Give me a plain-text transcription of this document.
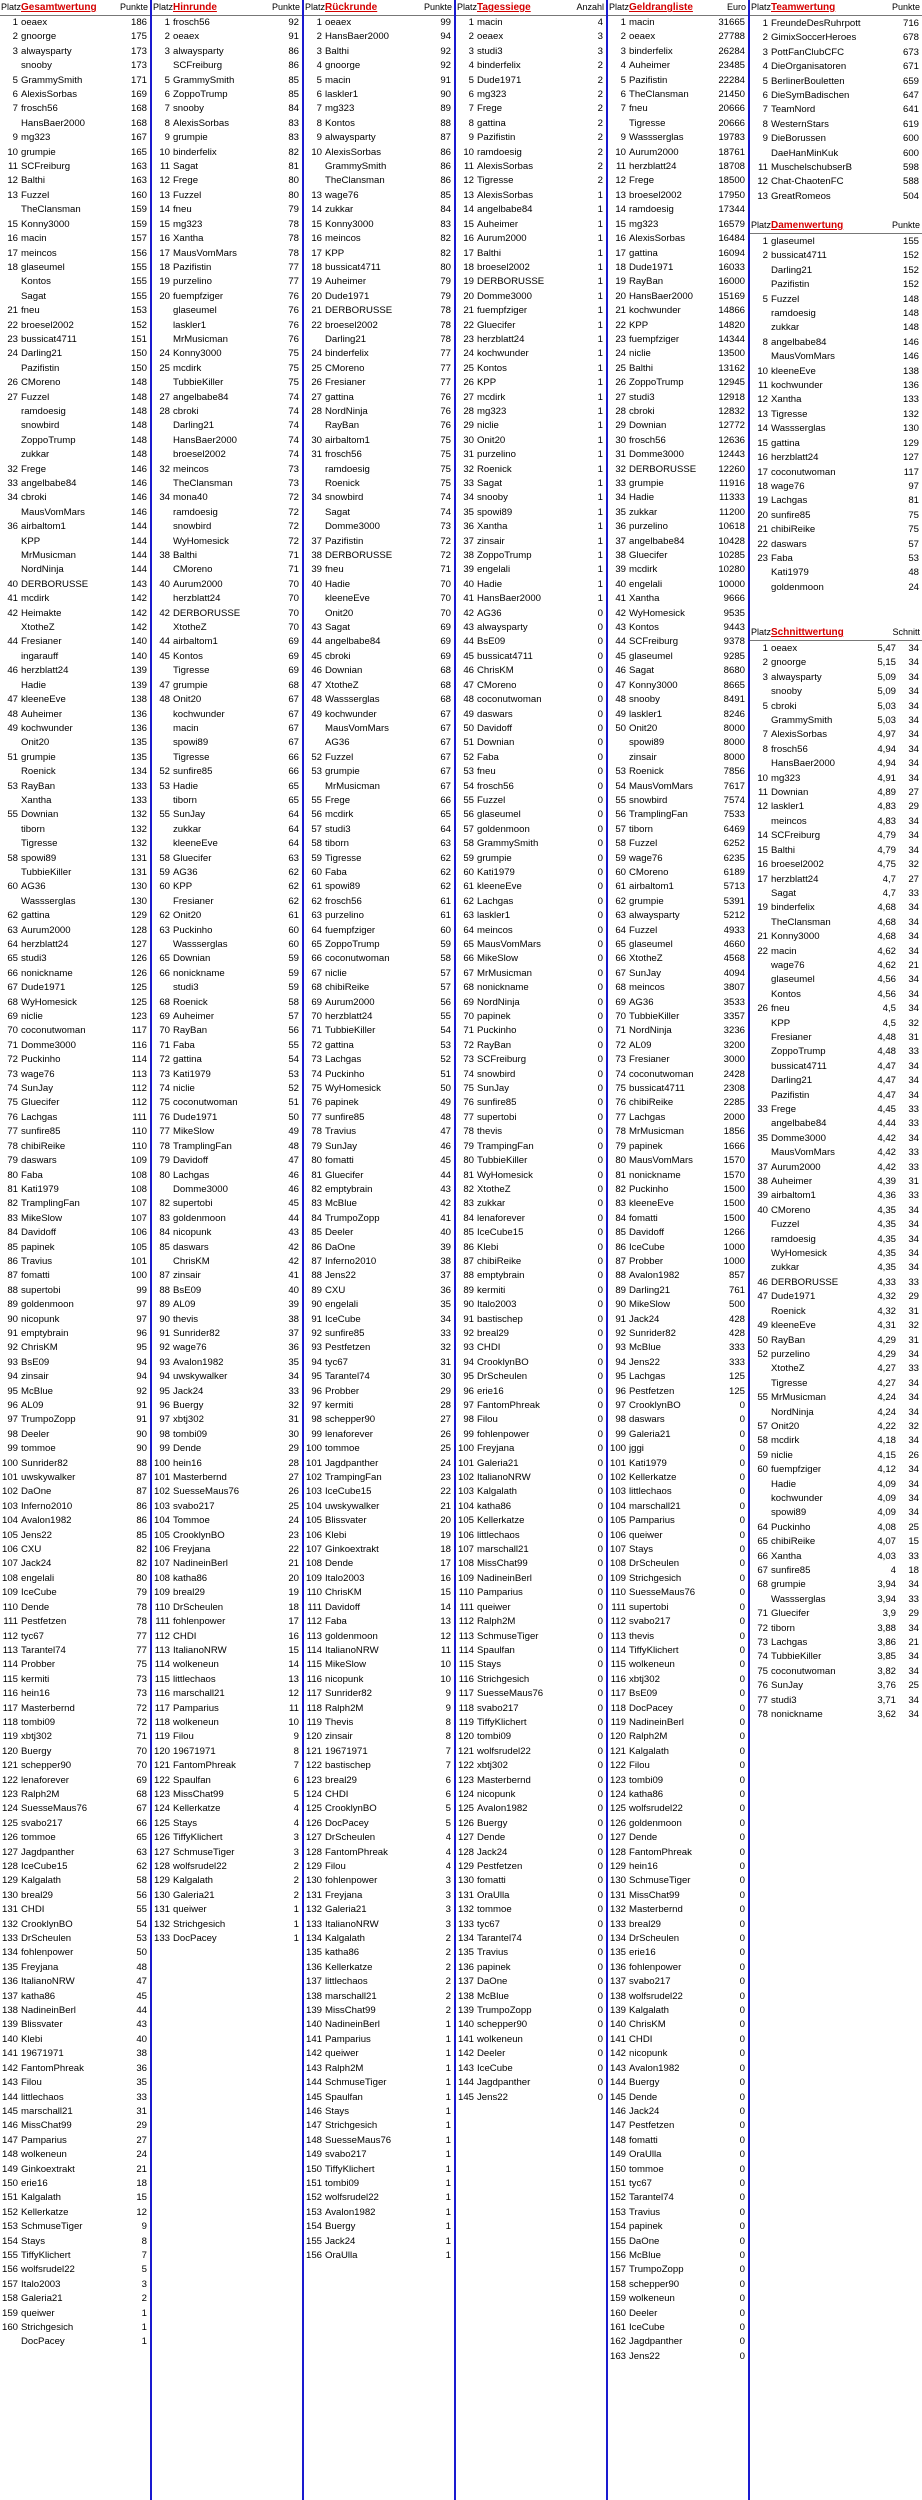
Platz Gesamtwertung	Punkte
1 oeaex	186
2 gnoorge	175
3 alwaysparty	173
snooby	173
5 GrammySmith	171
6 AlexisSorbas	169
7 frosch56	168
HansBaer2000	168
9 mg323	167
10 grumpie	165
11 SCFreiburg	163
12 Balthi	163
13 Fuzzel	160
TheClansman	159
15 Konny3000	159
16 macin	157
17 meincos	156
18 glaseumel	155
Kontos	155
Sagat	155
21 fneu	153
22 broesel2002	152
23 bussicat4711	151
24 Darling21	150
Pazifistin	150
26 CMoreno	148
27 Fuzzel	148
ramdoesig	148
snowbird	148
ZoppoTrump	148
zukkar	148
32 Frege	146
33 angelbabe84	146
34 cbroki	146
MausVomMars	146
36 airbaltom1	144
KPP	144
MrMusicman	144
NordNinja	144
40 DERBORUSSE	143
41 mcdirk	142
42 Heimakte	142
XtotheZ	142
44 Fresianer	140
ingarauff	140
46 herzblatt24	139
Hadie	139
47 kleeneEve	138
48 Auheimer	136
49 kochwunder	136
Onit20	135
51 grumpie	135
Roenick	134
53 RayBan	133
Xantha	133
55 Downian	132
tiborn	132
Tigresse	132
58 spowi89	131
TubbieKiller	131
60 AG36	130
Wassserglas	130
62 gattina	129
63 Aurum2000	128
64 herzblatt24	127
65 studi3	126
66 nonickname	126
67 Dude1971	125
68 WyHomesick	125
69 niclie	123
70 coconutwoman	117
71 Domme3000	116
72 Puckinho	114
73 wage76	113
74 SunJay	112
75 Gluecifer	112
76 Lachgas	111
77 sunfire85	110
78 chibiReike	110
79 daswars	109
80 Faba	108
81 Kati1979	108
82 TramplingFan	107
83 MikeSlow	107
84 Davidoff	106
85 papinek	105
86 Travius	101
87 fomatti	100
88 supertobi	99
89 goldenmoon	97
90 nicopunk	97
91 emptybrain	96
92 ChrisKM	95
93 BsE09	94
94 zinsair	94
95 McBlue	92
96 AL09	91
97 TrumpoZopp	91
98 Deeler	90
99 tommoe	90
100 Sunrider82	88
101 uwskywalker	87
102 DaOne	87
103 Inferno2010	86
104 Avalon1982	86
105 Jens22	85
106 CXU	82
107 Jack24	82
108 engelali	80
109 IceCube	79
110 Dende	78
111 Pestfetzen	78
112 tyc67	77
113 Tarantel74	77
114 Probber	75
115 kermiti	73
116 hein16	73
117 Masterbernd	72
118 tombi09	72
119 xbtj302	71
120 Buergy	70
121 schepper90	70
122 lenaforever	69
123 Ralph2M	68
124 SuesseMaus76	67
125 svabo217	66
126 tommoe	65
127 Jagdpanther	63
128 IceCube15	62
129 Kalgalath	58
130 breal29	56
131 CHDI	55
132 CrooklynBO	54
133 DrScheulen	53
134 fohlenpower	50
135 Freyjana	48
136 ItalianoNRW	47
137 katha86	45
138 NadineinBerl	44
139 Blissvater	43
140 Klebi	40
141 19671971	38
142 FantomPhreak	36
143 Filou	35
144 littlechaos	33
145 marschall21	31
146 MissChat99	29
147 Pamparius	27
148 wolkeneun	24
149 Ginkoextrakt	21
150 erie16	18
151 Kalgalath	15
152 Kellerkatze	12
153 SchmuseTiger	9
154 Stays	8
155 TiffyKlichert	7
156 wolfsrudel22	5
157 Italo2003	3
158 Galeria21	2
159 queiwer	1
160 Strichgesich	1
DocPacey	1
Platz Hinrunde	Punkte
1 frosch56	92
2 oeaex	91
3 alwaysparty	86
SCFreiburg	86
5 GrammySmith	85
6 ZoppoTrump	85
7 snooby	84
8 AlexisSorbas	83
9 grumpie	83
10 binderfelix	82
11 Sagat	81
12 Frege	80
13 Fuzzel	80
14 fneu	79
15 mg323	78
16 Xantha	78
17 MausVomMars	78
18 Pazifistin	77
19 purzelino	77
20 fuempfziger	76
glaseumel	76
laskler1	76
MrMusicman	76
24 Konny3000	75
25 mcdirk	75
TubbieKiller	75
27 angelbabe84	74
28 cbroki	74
Darling21	74
HansBaer2000	74
broesel2002	74
32 meincos	73
TheClansman	73
34 mona40	72
ramdoesig	72
snowbird	72
WyHomesick	72
38 Balthi	71
CMoreno	71
40 Aurum2000	70
herzblatt24	70
42 DERBORUSSE	70
XtotheZ	70
44 airbaltom1	69
45 Kontos	69
Tigresse	69
47 grumpie	68
48 Onit20	67
kochwunder	67
macin	67
spowi89	67
Tigresse	66
52 sunfire85	66
53 Hadie	65
tiborn	65
55 SunJay	64
zukkar	64
kleeneEve	64
58 Gluecifer	63
59 AG36	62
60 KPP	62
Fresianer	62
62 Onit20	61
63 Puckinho	60
Wassserglas	60
65 Downian	59
66 nonickname	59
studi3	59
68 Roenick	58
69 Auheimer	57
70 RayBan	56
71 Faba	55
72 gattina	54
73 Kati1979	53
74 niclie	52
75 coconutwoman	51
76 Dude1971	50
77 MikeSlow	49
78 TramplingFan	48
79 Davidoff	47
80 Lachgas	46
Domme3000	46
82 supertobi	45
83 goldenmoon	44
84 nicopunk	43
85 daswars	42
ChrisKM	42
87 zinsair	41
88 BsE09	40
89 AL09	39
90 thevis	38
91 Sunrider82	37
92 wage76	36
93 Avalon1982	35
94 uwskywalker	34
95 Jack24	33
96 Buergy	32
97 xbtj302	31
98 tombi09	30
99 Dende	29
100 hein16	28
101 Masterbernd	27
102 SuesseMaus76	26
103 svabo217	25
104 Tommoe	24
105 CrooklynBO	23
106 Freyjana	22
107 NadineinBerl	21
108 katha86	20
109 breal29	19
110 DrScheulen	18
111 fohlenpower	17
112 CHDI	16
113 ItalianoNRW	15
114 wolkeneun	14
115 littlechaos	13
116 marschall21	12
117 Pamparius	11
118 wolkeneun	10
119 Filou	9
120 19671971	8
121 FantomPhreak	7
122 Spaulfan	6
123 MissChat99	5
124 Kellerkatze	4
125 Stays	4
126 TiffyKlichert	3
127 SchmuseTiger	3
128 wolfsrudel22	2
129 Kalgalath	2
130 Galeria21	2
131 queiwer	1
132 Strichgesich	1
133 DocPacey	1
Platz Rückrunde	Punkte
1 oeaex	99
2 HansBaer2000	94
3 Balthi	92
4 gnoorge	92
5 macin	91
6 laskler1	90
7 mg323	89
8 Kontos	88
9 alwaysparty	87
10 AlexisSorbas	86
GrammySmith	86
TheClansman	86
13 wage76	85
14 zukkar	84
15 Konny3000	83
16 meincos	82
17 KPP	82
18 bussicat4711	80
19 Auheimer	79
20 Dude1971	79
21 DERBORUSSE	78
22 broesel2002	78
Darling21	78
24 binderfelix	77
25 CMoreno	77
26 Fresianer	77
27 gattina	76
28 NordNinja	76
RayBan	76
30 airbaltom1	75
31 frosch56	75
ramdoesig	75
Roenick	75
34 snowbird	74
Sagat	74
Domme3000	73
37 Pazifistin	72
38 DERBORUSSE	72
39 fneu	71
40 Hadie	70
kleeneEve	70
Onit20	70
43 Sagat	69
44 angelbabe84	69
45 cbroki	69
46 Downian	68
47 XtotheZ	68
48 Wassserglas	68
49 kochwunder	67
MausVomMars	67
AG36	67
52 Fuzzel	67
53 grumpie	67
MrMusicman	67
55 Frege	66
56 mcdirk	65
57 studi3	64
58 tiborn	63
59 Tigresse	62
60 Faba	62
61 spowi89	62
62 frosch56	61
63 purzelino	61
64 fuempfziger	60
65 ZoppoTrump	59
66 coconutwoman	58
67 niclie	57
68 chibiReike	57
69 Aurum2000	56
70 herzblatt24	55
71 TubbieKiller	54
72 gattina	53
73 Lachgas	52
74 Puckinho	51
75 WyHomesick	50
76 papinek	49
77 sunfire85	48
78 Travius	47
79 SunJay	46
80 fomatti	45
81 Gluecifer	44
82 emptybrain	43
83 McBlue	42
84 TrumpoZopp	41
85 Deeler	40
86 DaOne	39
87 Inferno2010	38
88 Jens22	37
89 CXU	36
90 engelali	35
91 IceCube	34
92 sunfire85	33
93 Pestfetzen	32
94 tyc67	31
95 Tarantel74	30
96 Probber	29
97 kermiti	28
98 schepper90	27
99 lenaforever	26
100 tommoe	25
101 Jagdpanther	24
102 TrampingFan	23
103 IceCube15	22
104 uwskywalker	21
105 Blissvater	20
106 Klebi	19
107 Ginkoextrakt	18
108 Dende	17
109 Italo2003	16
110 ChrisKM	15
111 Davidoff	14
112 Faba	13
113 goldenmoon	12
114 ItalianoNRW	11
115 MikeSlow	10
116 nicopunk	10
117 Sunrider82	9
118 Ralph2M	9
119 Thevis	8
120 zinsair	8
121 19671971	7
122 bastischep	7
123 breal29	6
124 CHDI	6
125 CrooklynBO	5
126 DocPacey	5
127 DrScheulen	4
128 FantomPhreak	4
129 Filou	4
130 fohlenpower	3
131 Freyjana	3
132 Galeria21	3
133 ItalianoNRW	3
134 Kalgalath	2
135 katha86	2
136 Kellerkatze	2
137 littlechaos	2
138 marschall21	2
139 MissChat99	2
140 NadineinBerl	1
141 Pamparius	1
142 queiwer	1
143 Ralph2M	1
144 SchmuseTiger	1
145 Spaulfan	1
146 Stays	1
147 Strichgesich	1
148 SuesseMaus76	1
149 svabo217	1
150 TiffyKlichert	1
151 tombi09	1
152 wolfsrudel22	1
153 Avalon1982	1
154 Buergy	1
155 Jack24	1
156 OraUlla	1
Platz Tagessiege	Anzahl
1 macin	4
2 oeaex	3
3 studi3	3
4 binderfelix	2
5 Dude1971	2
6 mg323	2
7 Frege	2
8 gattina	2
9 Pazifistin	2
10 ramdoesig	2
11 AlexisSorbas	2
12 Tigresse	2
13 AlexisSorbas	1
14 angelbabe84	1
15 Auheimer	1
16 Aurum2000	1
17 Balthi	1
18 broesel2002	1
19 DERBORUSSE	1
20 Domme3000	1
21 fuempfziger	1
22 Gluecifer	1
23 herzblatt24	1
24 kochwunder	1
25 Kontos	1
26 KPP	1
27 mcdirk	1
28 mg323	1
29 niclie	1
30 Onit20	1
31 purzelino	1
32 Roenick	1
33 Sagat	1
34 snooby	1
35 spowi89	1
36 Xantha	1
37 zinsair	1
38 ZoppoTrump	1
39 engelali	1
40 Hadie	1
41 HansBaer2000	1
42 AG36	0
43 alwaysparty	0
44 BsE09	0
45 bussicat4711	0
46 ChrisKM	0
47 CMoreno	0
48 coconutwoman	0
49 daswars	0
50 Davidoff	0
51 Downian	0
52 Faba	0
53 fneu	0
54 frosch56	0
55 Fuzzel	0
56 glaseumel	0
57 goldenmoon	0
58 GrammySmith	0
59 grumpie	0
60 Kati1979	0
61 kleeneEve	0
62 Lachgas	0
63 laskler1	0
64 meincos	0
65 MausVomMars	0
66 MikeSlow	0
67 MrMusicman	0
68 nonickname	0
69 NordNinja	0
70 papinek	0
71 Puckinho	0
72 RayBan	0
73 SCFreiburg	0
74 snowbird	0
75 SunJay	0
76 sunfire85	0
77 supertobi	0
78 thevis	0
79 TrampingFan	0
80 TubbieKiller	0
81 WyHomesick	0
82 XtotheZ	0
83 zukkar	0
84 lenaforever	0
85 IceCube15	0
86 Klebi	0
87 chibiReike	0
88 emptybrain	0
89 kermiti	0
90 Italo2003	0
91 bastischep	0
92 breal29	0
93 CHDI	0
94 CrooklynBO	0
95 DrScheulen	0
96 erie16	0
97 FantomPhreak	0
98 Filou	0
99 fohlenpower	0
100 Freyjana	0
101 Galeria21	0
102 ItalianoNRW	0
103 Kalgalath	0
104 katha86	0
105 Kellerkatze	0
106 littlechaos	0
107 marschall21	0
108 MissChat99	0
109 NadineinBerl	0
110 Pamparius	0
111 queiwer	0
112 Ralph2M	0
113 SchmuseTiger	0
114 Spaulfan	0
115 Stays	0
116 Strichgesich	0
117 SuesseMaus76	0
118 svabo217	0
119 TiffyKlichert	0
120 tombi09	0
121 wolfsrudel22	0
122 xbtj302	0
123 Masterbernd	0
124 nicopunk	0
125 Avalon1982	0
126 Buergy	0
127 Dende	0
128 Jack24	0
129 Pestfetzen	0
130 fomatti	0
131 OraUlla	0
132 tommoe	0
133 tyc67	0
134 Tarantel74	0
135 Travius	0
136 papinek	0
137 DaOne	0
138 McBlue	0
139 TrumpoZopp	0
140 schepper90	0
141 wolkeneun	0
142 Deeler	0
143 IceCube	0
144 Jagdpanther	0
145 Jens22	0
Platz Geldrangliste	Euro
1 macin	31665
2 oeaex	27788
3 binderfelix	26284
4 Auheimer	23485
5 Pazifistin	22284
6 TheClansman	21450
7 fneu	20666
Tigresse	20666
9 Wassserglas	19783
10 Aurum2000	18761
11 herzblatt24	18708
12 Frege	18500
13 broesel2002	17950
14 ramdoesig	17344
15 mg323	16579
16 AlexisSorbas	16484
17 gattina	16094
18 Dude1971	16033
19 RayBan	16000
20 HansBaer2000	15169
21 kochwunder	14866
22 KPP	14820
23 fuempfziger	14344
24 niclie	13500
25 Balthi	13162
26 ZoppoTrump	12945
27 studi3	12918
28 cbroki	12832
29 Downian	12772
30 frosch56	12636
31 Domme3000	12443
32 DERBORUSSE	12260
33 grumpie	11916
34 Hadie	11333
35 zukkar	11200
36 purzelino	10618
37 angelbabe84	10428
38 Gluecifer	10285
39 mcdirk	10280
40 engelali	10000
41 Xantha	9666
42 WyHomesick	9535
43 Kontos	9443
44 SCFreiburg	9378
45 glaseumel	9285
46 Sagat	8680
47 Konny3000	8665
48 snooby	8491
49 laskler1	8246
50 Onit20	8000
spowi89	8000
zinsair	8000
53 Roenick	7856
54 MausVomMars	7617
55 snowbird	7574
56 TramplingFan	7533
57 tiborn	6469
58 Fuzzel	6252
59 wage76	6235
60 CMoreno	6189
61 airbaltom1	5713
62 grumpie	5391
63 alwaysparty	5212
64 Fuzzel	4933
65 glaseumel	4660
66 XtotheZ	4568
67 SunJay	4094
68 meincos	3807
69 AG36	3533
70 TubbieKiller	3357
71 NordNinja	3236
72 AL09	3200
73 Fresianer	3000
74 coconutwoman	2428
75 bussicat4711	2308
76 chibiReike	2285
77 Lachgas	2000
78 MrMusicman	1856
79 papinek	1666
80 MausVomMars	1570
81 nonickname	1570
82 Puckinho	1500
83 kleeneEve	1500
84 fomatti	1500
85 Davidoff	1266
86 IceCube	1000
87 Probber	1000
88 Avalon1982	857
89 Darling21	761
90 MikeSlow	500
91 Jack24	428
92 Sunrider82	428
93 McBlue	333
94 Jens22	333
95 Lachgas	125
96 Pestfetzen	125
97 CrooklynBO	0
98 daswars	0
99 Galeria21	0
100 jggi	0
101 Kati1979	0
102 Kellerkatze	0
103 littlechaos	0
104 marschall21	0
105 Pamparius	0
106 queiwer	0
107 Stays	0
108 DrScheulen	0
109 Strichgesich	0
110 SuesseMaus76	0
111 supertobi	0
112 svabo217	0
113 thevis	0
114 TiffyKlichert	0
115 wolkeneun	0
116 xbtj302	0
117 BsE09	0
118 DocPacey	0
119 NadineinBerl	0
120 Ralph2M	0
121 Kalgalath	0
122 Filou	0
123 tombi09	0
124 katha86	0
125 wolfsrudel22	0
126 goldenmoon	0
127 Dende	0
128 FantomPhreak	0
129 hein16	0
130 SchmuseTiger	0
131 MissChat99	0
132 Masterbernd	0
133 breal29	0
134 DrScheulen	0
135 erie16	0
136 fohlenpower	0
137 svabo217	0
138 wolfsrudel22	0
139 Kalgalath	0
140 ChrisKM	0
141 CHDI	0
142 nicopunk	0
143 Avalon1982	0
144 Buergy	0
145 Dende	0
146 Jack24	0
147 Pestfetzen	0
148 fomatti	0
149 OraUlla	0
150 tommoe	0
151 tyc67	0
152 Tarantel74	0
153 Travius	0
154 papinek	0
155 DaOne	0
156 McBlue	0
157 TrumpoZopp	0
158 schepper90	0
159 wolkeneun	0
160 Deeler	0
161 IceCube	0
162 Jagdpanther	0
163 Jens22	0
Platz Teamwertung	Punkte
1 FreundeDesRuhrpott	716
2 GimixSoccerHeroes	678
3 PottFanClubCFC	673
4 DieOrganisatoren	671
5 BerlinerBouletten	659
6 DieSymBadischen	647
7 TeamNord	641
8 WesternStars	619
9 DieBorussen	600
DaeHanMinKuk	600
11 MuschelschubserB	598
12 Chat-ChaotenFC	588
13 GreatRomeos	504
Platz Damenwertung	Punkte
1 glaseumel	155
2 bussicat4711	152
Darling21	152
Pazifistin	152
5 Fuzzel	148
ramdoesig	148
zukkar	148
8 angelbabe84	146
MausVomMars	146
10 kleeneEve	138
11 kochwunder	136
12 Xantha	133
13 Tigresse	132
14 Wassserglas	130
15 gattina	129
16 herzblatt24	127
17 coconutwoman	117
18 wage76	97
19 Lachgas	81
20 sunfire85	75
21 chibiReike	75
22 daswars	57
23 Faba	53
Kati1979	48
goldenmoon	24
Platz Schnittwertung	Schnitt
1 oeaex	5,47 34
2 gnoorge	5,15 34
3 alwaysparty	5,09 34
snooby	5,09 34
5 cbroki	5,03 34
GrammySmith	5,03 34
7 AlexisSorbas	4,97 34
8 frosch56	4,94 34
HansBaer2000	4,94 34
10 mg323	4,91 34
11 Downian	4,89 27
12 laskler1	4,83 29
meincos	4,83 34
14 SCFreiburg	4,79 34
15 Balthi	4,79 34
16 broesel2002	4,75 32
17 herzblatt24	4,7 27
Sagat	4,7 33
19 binderfelix	4,68 34
TheClansman	4,68 34
21 Konny3000	4,68 34
22 macin	4,62 34
wage76	4,62 21
glaseumel	4,56 34
Kontos	4,56 34
26 fneu	4,5 34
KPP	4,5 32
Fresianer	4,48 31
ZoppoTrump	4,48 33
bussicat4711	4,47 34
Darling21	4,47 34
Pazifistin	4,47 34
33 Frege	4,45 33
angelbabe84	4,44 33
35 Domme3000	4,42 34
MausVomMars	4,42 33
37 Aurum2000	4,42 33
38 Auheimer	4,39 31
39 airbaltom1	4,36 33
40 CMoreno	4,35 34
Fuzzel	4,35 34
ramdoesig	4,35 34
WyHomesick	4,35 34
zukkar	4,35 34
46 DERBORUSSE	4,33 33
47 Dude1971	4,32 29
Roenick	4,32 31
49 kleeneEve	4,31 32
50 RayBan	4,29 31
52 purzelino	4,29 34
XtotheZ	4,27 33
Tigresse	4,27 34
55 MrMusicman	4,24 34
NordNinja	4,24 34
57 Onit20	4,22 32
58 mcdirk	4,18 34
59 niclie	4,15 26
60 fuempfziger	4,12 34
Hadie	4,09 34
kochwunder	4,09 34
spowi89	4,09 34
64 Puckinho	4,08 25
65 chibiReike	4,07 15
66 Xantha	4,03 33
67 sunfire85	4 18
68 grumpie	3,94 34
Wassserglas	3,94 33
71 Gluecifer	3,9 29
72 tiborn	3,88 34
73 Lachgas	3,86 21
74 TubbieKiller	3,85 34
75 coconutwoman	3,82 34
76 SunJay	3,76 25
77 studi3	3,71 34
78 nonickname	3,62 34
